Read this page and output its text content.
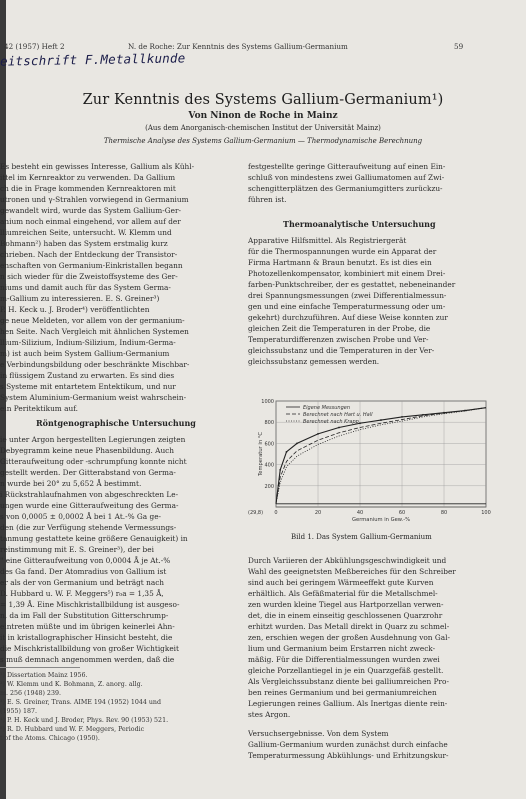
42 (1957) Heft 2	N. de Roche: Zur Kenntnis des Systems Gallium-Germanium	59
eitschrift F.Metallkunde
Zur Kenntnis des Systems Gallium-Germanium¹)
Von Ninon de Roche in Mainz
(Aus dem Anorganisch-chemischen Institut der Universität Mainz)
Thermische Analyse des Systems Gallium-Germanium — Thermodynamische Berechnung
Es besteht ein gewisses Interesse, Gallium als Kühl-
ittel im Kernreaktor zu verwenden. Da Gallium
ch die in Frage kommenden Kernreaktoren mit
utronen und γ-Strahlen vorwiegend in Germanium
gewandelt wird, wurde das System Gallium-Ger-
anium noch einmal eingehend, vor allem auf der
lliumreichen Seite, untersucht. W. Klemm und
Bohmann²) haben das System erstmalig kurz
chrieben. Nach der Entdeckung der Transistor-
enschaften von Germanium-Einkristallen begann
n sich wieder für die Zweistoffsysteme des Ger-
niums und damit auch für das System Germa-
m-Gallium zu interessieren. E. S. Greiner³)
P. H. Keck u. J. Broder⁴) veröffentlichten
ge neue Meldeten, vor allem von der germanium-
hen Seite. Nach Vergleich mit ähnlichen Systemen
llium-Silizium, Indium-Silizium, Indium-Germa-
m) ist auch beim System Gallium-Germanium
e Verbindungsbildung oder beschränkte Mischbar-
in flüssigem Zustand zu erwarten. Es sind dies
s Systeme mit entartetem Entektikum, und nur
System Aluminium-Germanium weist wahrschein-
ein Peritektikum auf.
Röntgenographische Untersuchung
ie unter Argon hergestellten Legierungen zeigten
Debyegramm keine neue Phasenbildung. Auch
Gitteraufweitung oder -schrumpfung konnte nicht
gestellt werden. Der Gitterabstand von Germa-
n wurde bei 20° zu 5,652 Å bestimmt.
i Rückstrahlaufnahmen von abgeschreckten Le-
ungen wurde eine Gitteraufweitung des Germa-
s von 0,0005 ± 0,0002 Å bei 1 At.-% Ga ge-
den (die zur Verfügung stehende Vermessungs-
tanmung gestattete keine größere Genauigkeit) in
reinstimmung mit E. S. Greiner³), der bei
" eine Gitteraufweitung von 0,0004 Å je At.-%
des Ga fand. Der Atomradius von Gallium ist
er als der von Germanium und beträgt nach
D. Hubbard u. W. F. Meggers⁵) r₀a = 1,35 Å,
= 1,39 Å. Eine Mischkristallbildung ist ausgeso-
n, da im Fall der Substitution Gitterschrump-
eintreten müßte und im übrigen keinerlei Ahn-
it in kristallographischer Hinsicht besteht, die
die Mischkristallbildung von großer Wichtigkeit
s muß demnach angenommen werden, daß die
¹) Dissertation Mainz 1956.
²) W. Klemm und K. Bohmann, Z. anorg. allg.
m. 256 (1948) 239.
³) E. S. Greiner, Trans. AIME 194 (1952) 1044 und
(1955) 187.
⁴) P. H. Keck und J. Broder, Phys. Rev. 90 (1953) 521.
⁵) R. D. Hubbard und W. F. Meggers, Periodic
t of the Atoms. Chicago (1950).
festgestellte geringe Gitteraufweitung auf einen Ein-
schluß von mindestens zwei Galliumatomen auf Zwi-
schengitterplätzen des Germaniumgitters zurückzu-
führen ist.
Thermoanalytische Untersuchung
Apparative Hilfsmittel. Als Registriergerät
für die Thermospannungen wurde ein Apparat der
Firma Hartmann & Braun benutzt. Es ist dies ein
Photozellenkompensator, kombiniert mit einem Drei-
farben-Punktschreiber, der es gestattet, nebeneinander
drei Spannungsmessungen (zwei Differentialmessun-
gen und eine einfache Temperaturmessung oder um-
gekehrt) durchzuführen. Auf diese Weise konnten zur
gleichen Zeit die Temperaturen in der Probe, die
Temperaturdifferenzen zwischen Probe und Ver-
gleichssubstanz und die Temperaturen in der Ver-
gleichssubstanz gemessen werden.
200
400
600
800
1000
0	20	40	60	80	100
Germanium in Gew.-%
Temperatur in °C
(29,8)
Eigene Messungen
Berechnet nach Hart u. Hall
Berechnet nach Krapp
Bild 1. Das System Gallium-Germanium
Durch Variieren der Abkühlungsgeschwindigkeit und
Wahl des geeignetsten Meßbereiches für den Schreiber
sind auch bei geringem Wärmeeffekt gute Kurven
erhältlich. Als Gefäßmaterial für die Metallschmel-
zen wurden kleine Tiegel aus Hartporzellan verwen-
det, die in einem einseitig geschlossenen Quarzrohr
erhitzt wurden. Das Metall direkt in Quarz zu schmel-
zen, erschien wegen der großen Ausdehnung von Gal-
lium und Germanium beim Erstarren nicht zweck-
mäßig. Für die Differentialmessungen wurden zwei
gleiche Porzellantiegel in je ein Quarzgefäß gestellt.
Als Vergleichssubstanz diente bei galliumreichen Pro-
ben reines Germanium und bei germaniumreichen
Legierungen reines Gallium. Als Inertgas diente rein-
stes Argon.
Versuchsergebnisse. Von dem System
Gallium-Germanium wurden zunächst durch einfache
Temperaturmessung Abkühlungs- und Erhitzungskur-
